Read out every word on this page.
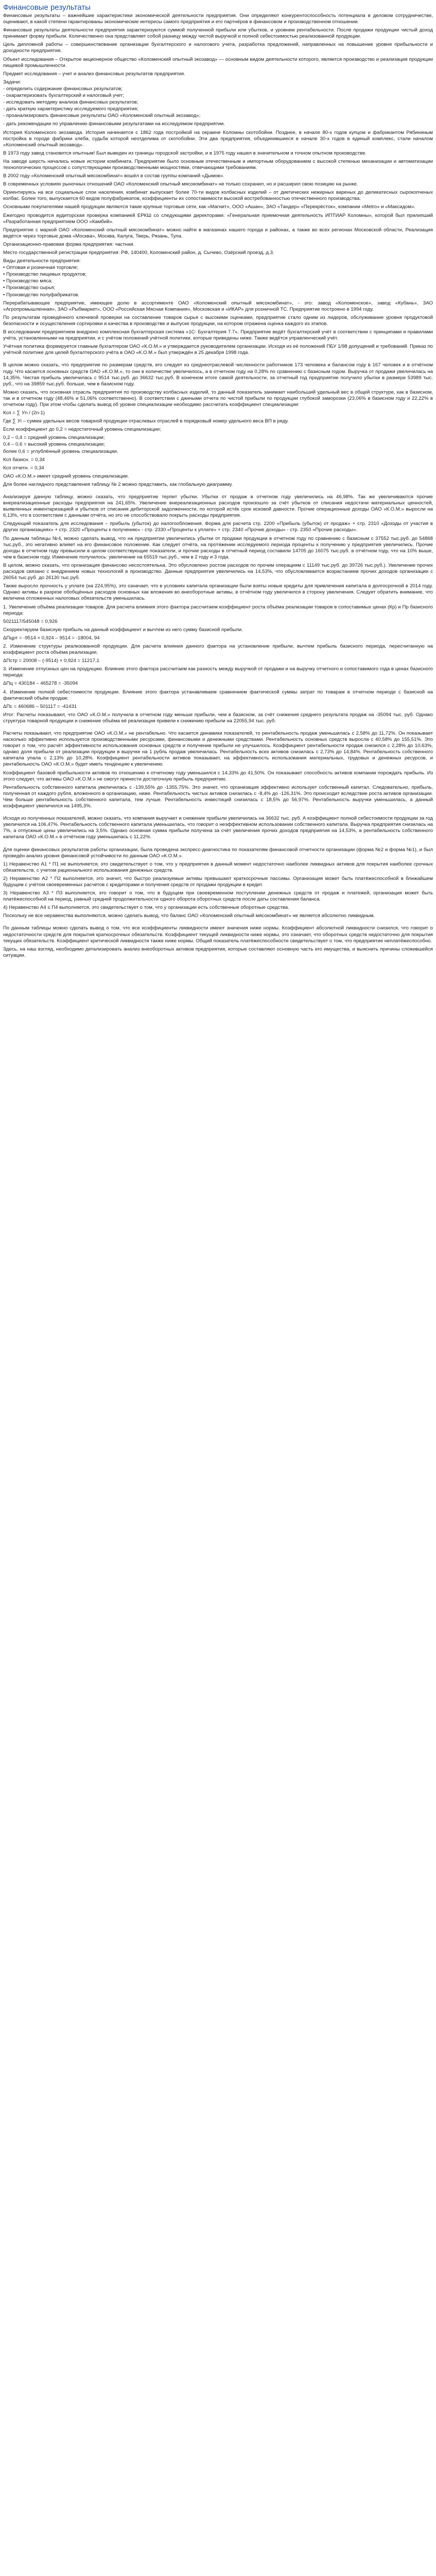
Финансовые результаты
Финансовые результаты – важнейшие характеристики экономической деятельности предприятия. Они определяют конкурентоспособность потенциала в деловом сотрудничестве, оценивают, в какой степени гарантированы экономические интересы самого предприятия и его партнёров в финансовом и производственном отношении.
Финансовые результаты деятельности предприятия характеризуются суммой полученной прибыли или убытков, и уровнем рентабельности. После продажи продукции чистый доход принимает форму прибыли. Количественно она представляет собой разницу между чистой выручкой и полной себестоимостью реализованной продукции.
Цель дипломной работы – совершенствование организации бухгалтерского и налогового учета, разработка предложений, направленных на повышение уровня прибыльности и доходности предприятия.
Объект исследования – Открытое акционерное общество «Коломенский опытный экозавод» — основным видом деятельности которого, является производство и реализация продукции пищевой промышленности.
Предмет исследования – учет и анализ финансовых результатов предприятия.
Задачи:
- определить содержание финансовых результатов;
- охарактеризовать бухгалтерский и налоговый учет;
- исследовать методику анализа финансовых результатов;
- дать краткую характеристику исследуемого предприятия;
- проанализировать финансовые результаты ОАО «Коломенский опытный экозавод»;
- дать рекомендации по управлению финансовыми результатами на исследуемом предприятии.
История Коломенского экозавода. История начинается с 1862 года постройкой на окраине Коломны скотобойни. Позднее, в начале 80-х годов купцом и фабрикантом Рябининым постройка в городе фабрики хлеба, судьба которой неотделима от скотобойни. Эти два предприятия, объединившиеся в начале 30-х годов в единый комплекс, стали началом «Коломенский опытный экозавод».
В 1973 году завод становится опытным! Был выведен из границы городской застройки, и в 1975 году нашел в значительном и точном опытном производстве.
На заводе шерсть начались новые истории комбината. Предприятие было основным отечественным и импортным оборудованием с высокой степенью механизации и автоматизации технологических процессов с сопутствующими производственными мощностями, отвечающими требованиям.
В 2002 году «Коломенский опытный мясокомбинат» вошёл в состав группы компаний «Дымов».
В современных условиях рыночных отношений ОАО «Коломенский опытный мясокомбинат» не только сохранил, но и расширил свою позицию на рынке.
Ориентируясь на все социальные слои населения, комбинат выпускает более 70-ти видов колбасных изделий – от диетических нежирных вареных до деликатесных сырокопченых колбас. Более того, выпускается 60 видов полуфабрикатов, коэффициенты их сопоставимости высокой востребованностью отечественного производства.
Основными покупателями нашей продукции являются такие крупные торговые сети, как «Магнит», ООО «Ашан», ЗАО «Тандер» «Перекрёсток», компании «Metro» и «Максидом».
Ежегодно проводится аудиторская проверка компанией ЕРКШ со следующими директорами: «Генеральная приемочная деятельность ИПТИАР Коломны», которой был прилипший «Разработанная предприятием ООО «Камбий».
Предприятие с маркой ОАО «Коломенский опытный мясокомбинат» можно найти в магазинах нашего города и районах, а также во всех регионах Московской области, Реализация ведётся через торговые дома «Москва», Москва, Калуга, Тверь, Рязань, Тула.
Организационно-правовая форма предприятия: частная.
Место государственной регистрации предприятия: РФ, 140400, Коломенский район, д. Сычево, Озёрский проезд, д.3.
Виды деятельности предприятия:
• Оптовая и розничная торговля;
• Производство пищевых продуктов;
• Производство мяса;
• Производство сырья;
• Производство полуфабрикатов.
Перерабатывающее предприятие, имеющее долю в ассортименте ОАО «Коломенский опытный мясокомбинат», - это: завод «Коломенское», завод «Кубань», ЗАО «Агропромышленная», ЗАО «Рыбмаркет», ООО «Российская Мясная Компания», Московская и «ИКАР» для розничной ТС. Предприятие построено в 1994 году.
По результатам проведённого ключевой проверки на составление товаров сырья с высокими оценками, предприятие стало одним из лидеров, обслуживание уровня продуктовой безопасности и осуществления сортировки и качества в производстве и выпуске продукции, на котором отражена оценка каждого из этапов.
В исследовании предприятием внедрено комплексная бухгалтерская система «1С: Бухгалтерия 7.7». Предприятие ведёт бухгалтерский учёт в соответствии с принципами и правилами учёта, установленными на предприятии, и с учётом положений учётной политики, которые приведены ниже. Также ведётся управленческий учёт.
Учётная политика формируется главным бухгалтером ОАО «К.О.М.» и утверждается руководителем организации. Исходя из её положений ПБУ 1/98 допущений и требований. Приказ по учётной политике для целей бухгалтерского учёта в ОАО «К.О.М.» был утверждён в 25 декабря 1998 года.
В целом можно сказать, что предприятие по размерам средств, его следует из среднеотраслевой численности работников 173 человека и балансом году в 167 человек и в отчётном году. Что касается основных средств ОАО «К.О.М.», то они в количестве увеличилось, а в отчетном году на 0,28% по сравнению с базисным годом. Выручка от продажи увеличилась на 14,35%. Чистая прибыль увеличилась с 9514 тыс.руб. до 36632 тыс.руб. В конечном итоге самой деятельности, за отчетный год предприятие получило убытки в размере 53989 тыс. руб., что на 39859 тыс.руб. больше, чем в базисном году.
Можно сказать, что основная отрасль предприятия по производству колбасных изделий, то данный показатель занимает наибольший удельный вес в общей структуре, как в базисном, так и в отчетном году (48,46% и 51,06% соответственно). В соответствии с данными отчета по чистой прибыли по продукции глубокой заморозки (23,06% в базисном году и 22,22% в отчетном году). При этом чтобы сделать вывод об уровне специализации необходимо рассчитать коэффициент специализации:
Ксп = ∑ Уn / (2n-1)
Где ∑ Уi – сумма удельных весов товарной продукции отраслевых отраслей в порядковый номер удельного веса ВП в ряду.
Если коэффициент до 0,2 = недостаточный уровень специализации;
0,2 – 0,4 = средний уровень специализации;
0,4 – 0,6 = высокий уровень специализации;
более 0,6 = углублённый уровень специализации.
Ксп базисн. = 0,34
Ксп отчетн. = 0,34
ОАО «К.О.М.» имеет средний уровень специализации.
Для более наглядного представления таблицу № 2 можно представить, как глобальную диаграмму.
Анализируя данную таблицу, можно сказать, что предприятие терпит убытки. Убытки от продаж в отчетном году увеличились на 46,98%. Так же увеличиваются прочие внереализационные расходы предприятия на 241,65%. Увеличение внереализационных расходов произошло за счёт убытков от списания недостачи материальных ценностей, выявленных инвентаризацией и убытков от списания дебиторской задолженности, по которой истёк срок исковой давности. Прочие операционные доходы ОАО «К.О.М.» выросли на 6,13%, что в соответствии с данными отчёта, но это не способствовало покрыть расходы предприятия.
Следующий показатель для исследования – прибыль (убыток) до налогообложения. Форма для расчета стр. 2200 «Прибыль (убыток) от продаж» + стр. 2310 «Доходы от участия в других организациях» + стр. 2320 «Проценты к получению» - стр. 2330 «Проценты к уплате» + стр. 2340 «Прочие доходы» - стр. 2350 «Прочие расходы».
По данным таблицы №4, можно сделать вывод, что на предприятии увеличились убытки от продажи продукции в отчетном году по сравнению с базисным с 37552 тыс.руб. до 54868 тыс.руб., это негативно влияет на его финансовое положение. Как следует отчёта, на протяжении исследуемого периода проценты к получению у предприятия увеличились. Прочие доходы в отчетном году превысили в целом соответствующие показатели, и прочие расходы в отчетный период составили 14705 до 16075 тыс.руб. в отчётном году, что на 10% выше, чем в базисном году. Изменение получилось: увеличение на 65519 тыс.руб., чем в 2 году и 3 года.
В целом, можно сказать, что организация финансово несостоятельна. Это обусловлено ростом расходов по прочим операциям с 11149 тыс.руб. до 39726 тыс.руб.). Увеличение прочих расходов связано с внедрением новых технологий в производство. Данные предприятия увеличились на 14,53%, что обусловливается возрастанием прочих доходов организации с 26054 тыс.руб. до 26130 тыс.руб.
Также выросло прочность у уплате (на 224,95%), это означает, что в условиях капитала организации были взяты новые кредиты для привлечения капитала в долгосрочной в 2014 году. Однако активы в разрезе обобщённых расходов основных как вложения во внеоборотные активы, в отчётном году увеличился в сторону увеличения. Следует обратить внимание, что величина отложенных налоговых обязательств уменьшилась.
1. Увеличение объёма реализации товаров. Для расчета влияния этого фактора рассчитаем коэффициент роста объёма реализации товаров в сопоставимых ценах (Кр) и Пр базисного периода:
5021117/545048 = 0,926
Скорректируем базисную прибыль на данный коэффициент и вычтем из него сумму базисной прибыли.
ΔПцрт = -9514 × 0,924 – 9514 = -18004, 94
2. Изменение структуры реализованной продукции. Для расчета влияния данного фактора на установление прибыли, вычтем прибыль базисного периода, пересчитанную на коэффициент роста объёма реализации.
ΔПстр = 20008 – (-9514) × 0,924 = 11217,1
3. Изменение отпускных цен на продукцию. Влияние этого фактора рассчитаем как разность между выручкой от продажи и на выручку отчетного и сопоставимого года в ценах базисного периода:
ΔПц = 430184 – 465278 = -35094
4. Изменение полной себестоимости продукции. Влияние этого фактора устанавливаем сравнением фактической суммы затрат по товарам в отчетном периоде с базисной на фактический объём продаж:
ΔПс = 460686 – 501117 = -41431
Итог: Расчеты показывают, что ОАО «К.О.М.» получила в отчетном году меньше прибыли, чем в базисном, за счёт снижения среднего результата продаж на -35094 тыс. руб. Однако структура товарной продукции и снижение объёма её реализации привели к снижению прибыли на 22055,94 тыс. руб.
Расчеты показывают, что предприятие ОАО «К.О.М.» не рентабельно. Что касается динамики показателей, то рентабельность продаж уменьшилась с 2,58% до 11,72%. Он показывает насколько эффективно используется производственными ресурсами, финансовыми и денежными средствами. Рентабельность основных средств выросла с 40,58% до 155,51%. Это говорит о том, что расчёт эффективности использования основных средств и получение прибыли не улучшилось. Коэффициент рентабельности продаж снизился с 2,28% до 10,63%, однако доля прибыли от реализации продукции в выручке на 1 рубль продаж увеличилась. Рентабельность всех активов снизилась с 2,73% до 14,84%. Рентабельность собственного капитала упала с 2,13% до 10,28%. Коэффициент рентабельности активов показывает, на эффективность использования материальных, трудовых и денежных ресурсов, и рентабельность ОАО «К.О.М.» будет иметь тенденцию к увеличению.
Коэффициент базовой прибыльности активов по отношению к отчетному году уменьшился с 14,33% до 41,50%. Он показывает способность активов компании порождать прибыль. Из этого следует, что активы ОАО «К.О.М.» не смогут принести достаточную прибыль предприятию.
Рентабельность собственного капитала увеличилась с -139,55% до -1355,75%. Это значит, что организация эффективно использует собственный капитал. Следовательно, прибыль, полученная от каждого рубля, вложенного в организацию, ниже. Рентабельность чистых активов снизилась с -8,4% до -126,31%. Это происходит вследствие роста активов организации. Чем больше рентабельность собственного капитала, тем лучше. Рентабельность инвестиций снизилась с 18,5% до 56,97%. Рентабельность выручки уменьшилась, а данный коэффициент увеличился на 1495,3%.
Исходя из полученных показателей, можно сказать, что компания выручает и снижение прибыли увеличилась на 36632 тыс. руб. А коэффициент полной себестоимости продукции за год увеличился на 106,47%. Рентабельность собственного капитала уменьшилась, что говорит о неэффективном использовании собственного капитала. Выручка предприятия снизилась на 7%, а отпускные цены увеличились на 3,5%. Однако основная сумма прибыли получена за счёт увеличения прочих доходов предприятия на 14,53%, а рентабельность собственного капитала ОАО «К.О.М.» в отчётном году уменьшилась с 11,22%.
Для оценки финансовых результатов работы организации, была проведена экспресс-диагностика по показателям финансовой отчетности организации (форма №2 и форма №1), и был проведён анализ уровня финансовой устойчивости по данным ОАО «К.О.М.».
1) Неравенство А1 * П1 не выполняется, это свидетельствует о том, что у предприятия в данный момент недостаточно наиболее ликвидных активов для покрытия наиболее срочных обязательств, с учетом рационального использования денежных средств.
2) Неравенство А2 * П2 выполняется, это значит, что быстро реализуемые активы превышают краткосрочные пассивы. Организация может быть платёжеспособной в ближайшем будущем с учётом своевременных расчетов с кредиторами и получения средств от продажи продукции в кредит.
3) Неравенство А3 * П3 выполняется, это говорит о том, что в будущем при своевременном поступлении денежных средств от продаж и платежей, организация может быть платёжеспособной на период, равный средней продолжительности одного оборота оборотных средств после даты составления баланса.
4) Неравенство А4 ≤ П4 выполняется, это свидетельствует о том, что у организации есть собственные оборотные средства.
Поскольку не все неравенства выполняются, можно сделать вывод, что баланс ОАО «Коломенский опытный мясокомбинат» не является абсолютно ликвидным.
По данным таблицы можно сделать вывод о том, что все коэффициенты ликвидности имеют значения ниже нормы. Коэффициент абсолютной ликвидности снизился, что говорит о недостаточности средств для покрытия краткосрочных обязательств. Коэффициент текущей ликвидности ниже нормы, это означает, что оборотных средств недостаточно для покрытия текущих обязательств. Коэффициент критической ликвидности также ниже нормы. Общий показатель платёжеспособности свидетельствует о том, что предприятие неплатёжеспособно.
Здесь, на наш взгляд, необходимо детализировать анализ внеоборотных активов предприятия, которые составляют основную часть его имущества, и выяснить причины сложившейся ситуации.
